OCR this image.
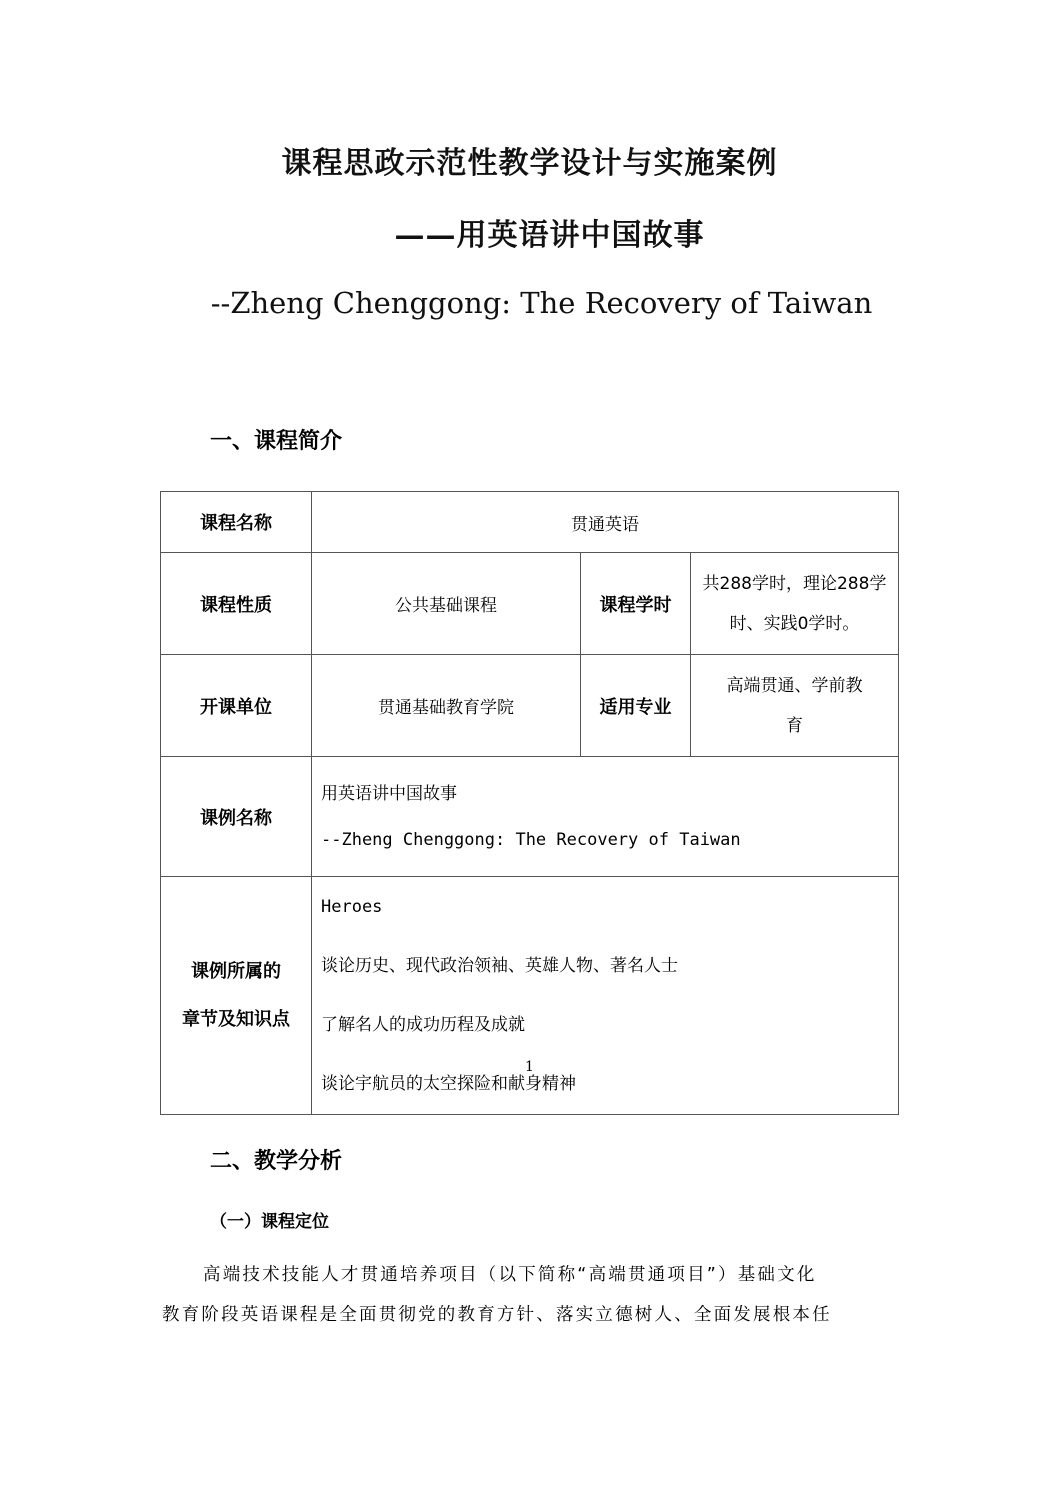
课程思政示范性教学设计与实施案例
——用英语讲中国故事
--Zheng Chenggong: The Recovery of Taiwan
一、课程简介
课程名称	贯通英语		
课程性质	公共基础课程	课程学时	共288学时，理论288学
时、实践0学时。

开课单位	贯通基础教育学院	适用专业	高端贯通、学前教
育

课例名称	用英语讲中国故事
--Zheng Chenggong: The Recovery of Taiwan		

课例所属的
章节及知识点	Heroes
谈论历史、现代政治领袖、英雄人物、著名人士
了解名人的成功历程及成就
谈论宇航员的太空探险和献身精神		
二、教学分析
（一）课程定位
高端技术技能人才贯通培养项目（以下简称“高端贯通项目”）基础文化
教育阶段英语课程是全面贯彻党的教育方针、落实立德树人、全面发展根本任
1
